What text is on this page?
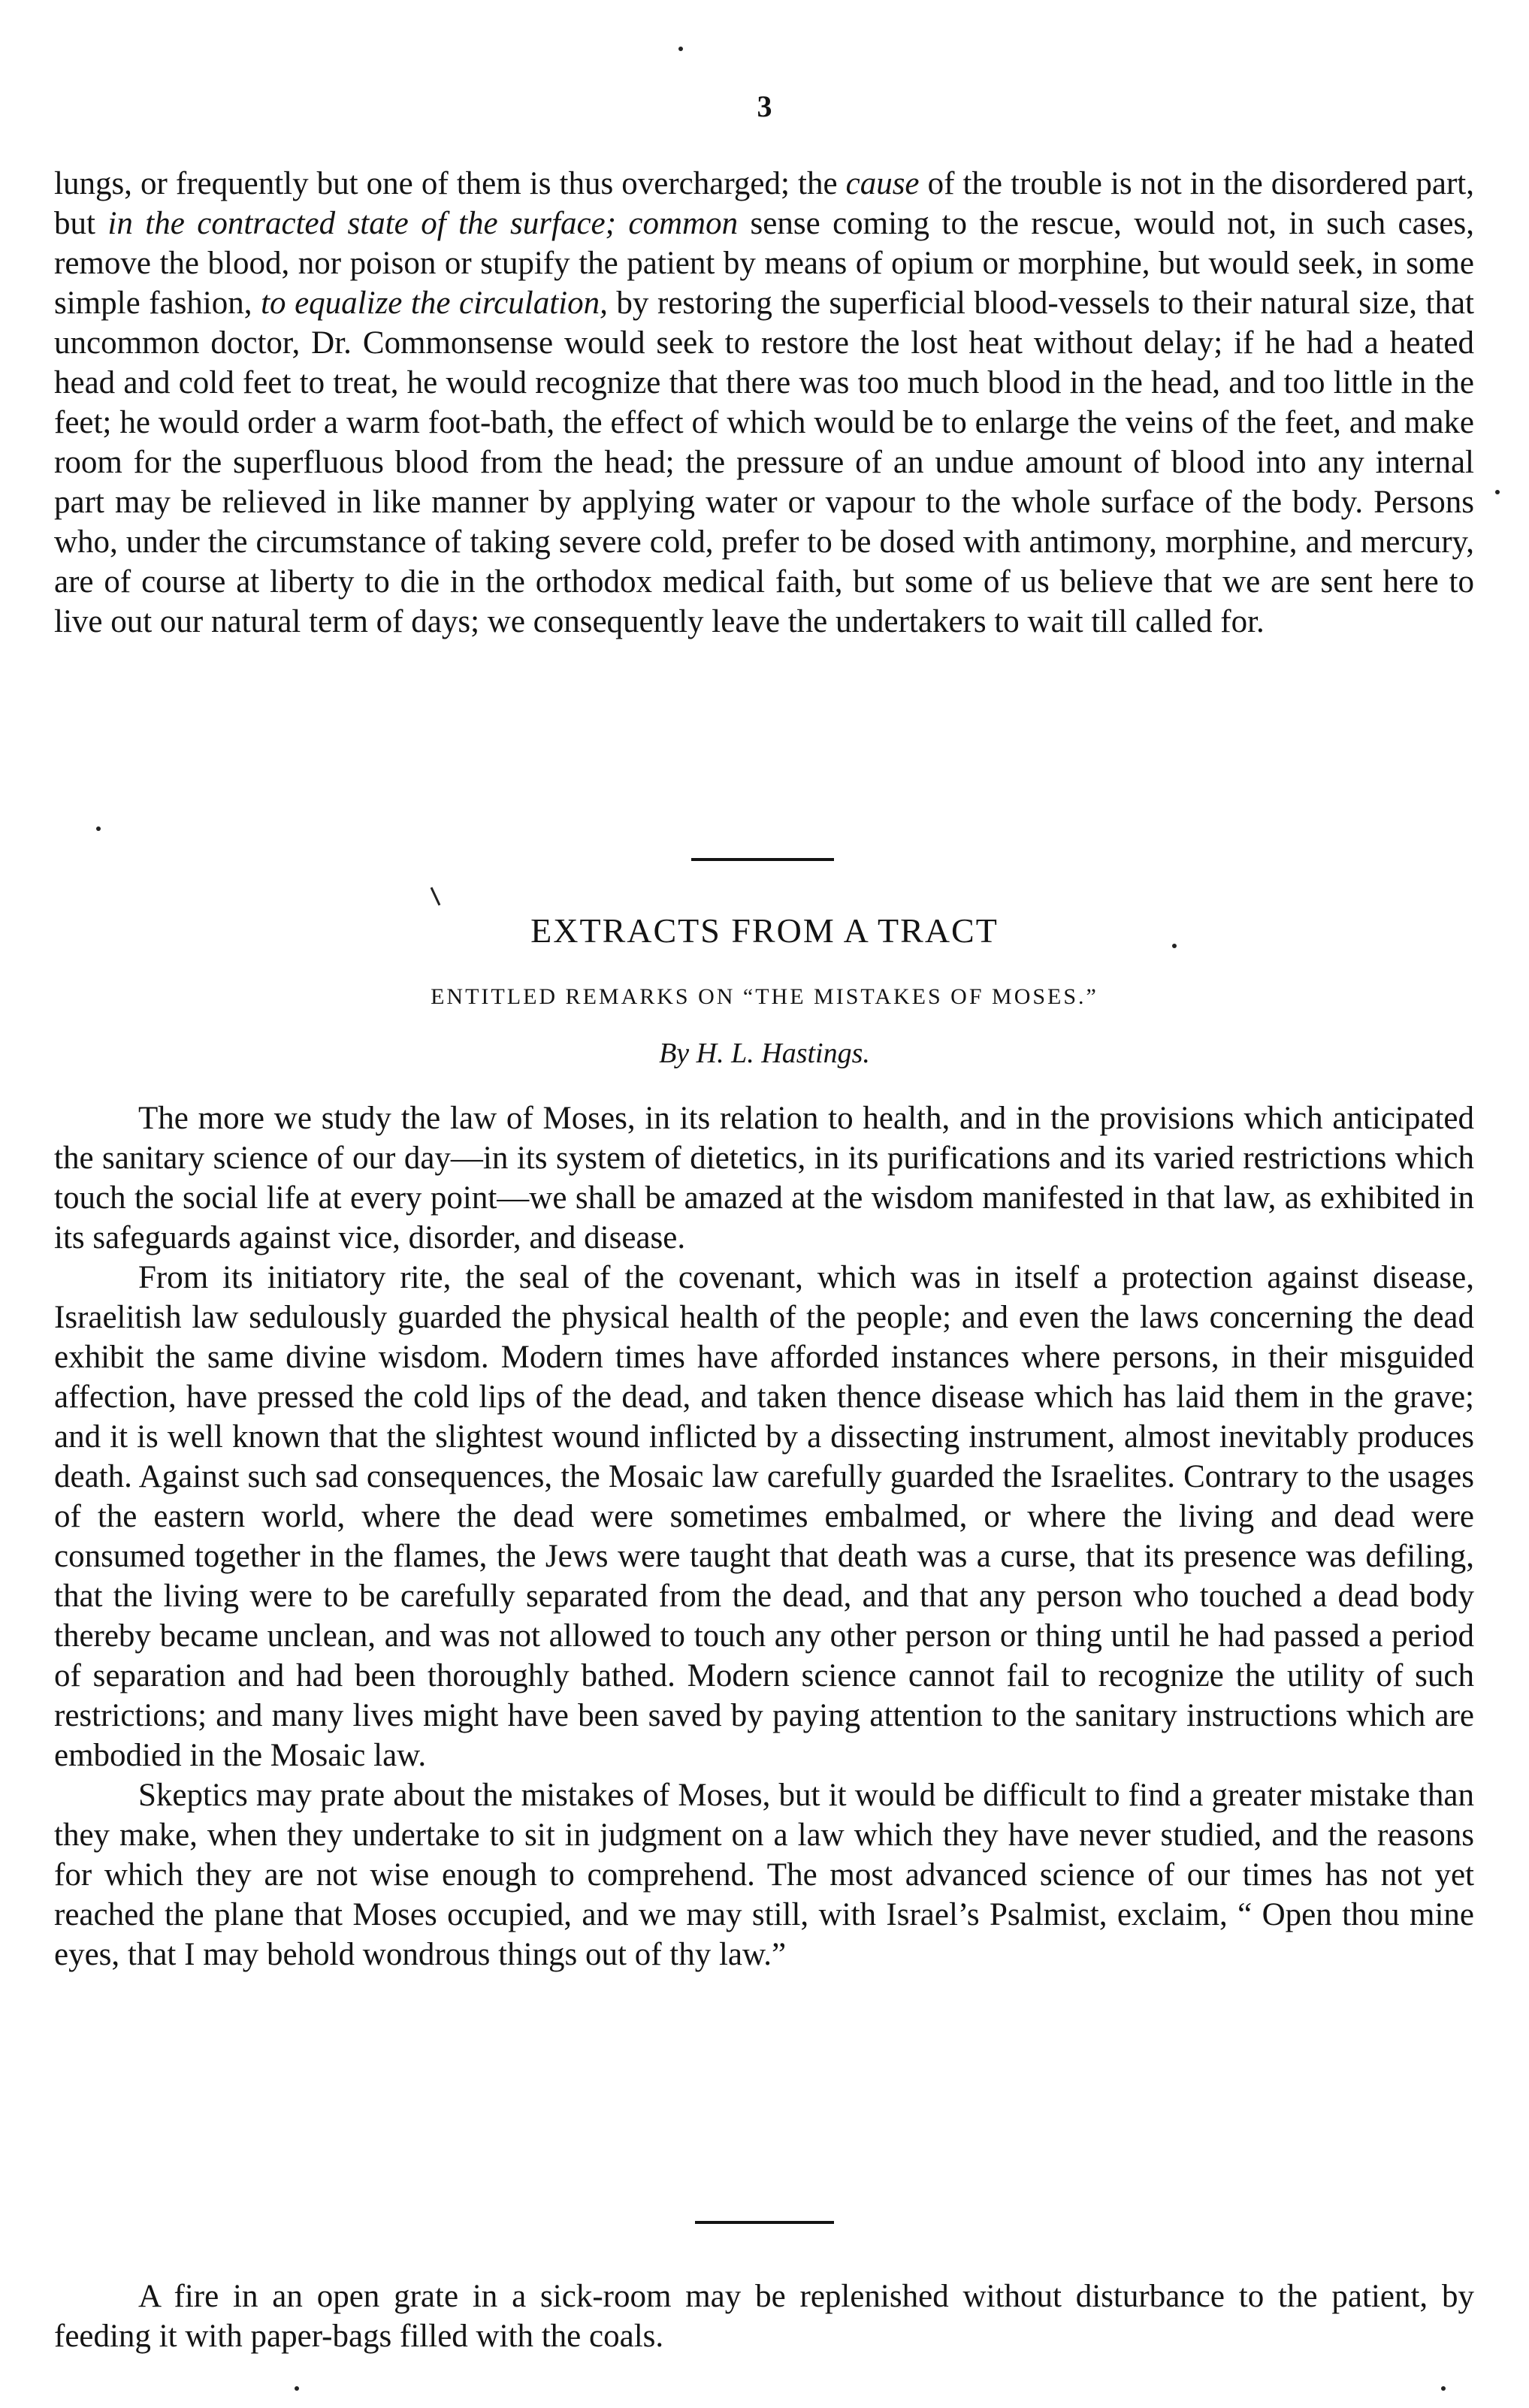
3

lungs, or frequently but one of them is thus overcharged; the cause of the trouble is not in the disordered part, but in the contracted state of the surface; common sense coming to the rescue, would not, in such cases, remove the blood, nor poison or stupify the patient by means of opium or morphine, but would seek, in some simple fashion, to equalize the circulation, by restoring the superficial blood-vessels to their natural size, that uncommon doctor, Dr. Commonsense would seek to restore the lost heat without delay; if he had a heated head and cold feet to treat, he would recognize that there was too much blood in the head, and too little in the feet; he would order a warm foot-bath, the effect of which would be to enlarge the veins of the feet, and make room for the superfluous blood from the head; the pressure of an undue amount of blood into any internal part may be relieved in like manner by applying water or vapour to the whole surface of the body. Persons who, under the circumstance of taking severe cold, prefer to be dosed with antimony, morphine, and mercury, are of course at liberty to die in the orthodox medical faith, but some of us believe that we are sent here to live out our natural term of days; we consequently leave the undertakers to wait till called for.

EXTRACTS FROM A TRACT
ENTITLED REMARKS ON “THE MISTAKES OF MOSES.”
By H. L. Hastings.

The more we study the law of Moses, in its relation to health, and in the provisions which anticipated the sanitary science of our day—in its system of dietetics, in its purifications and its varied restrictions which touch the social life at every point—we shall be amazed at the wisdom manifested in that law, as exhibited in its safeguards against vice, disorder, and disease.

From its initiatory rite, the seal of the covenant, which was in itself a protection against disease, Israelitish law sedulously guarded the physical health of the people; and even the laws concerning the dead exhibit the same divine wisdom. Modern times have afforded instances where persons, in their misguided affection, have pressed the cold lips of the dead, and taken thence disease which has laid them in the grave; and it is well known that the slightest wound inflicted by a dissecting instrument, almost inevitably produces death. Against such sad consequences, the Mosaic law carefully guarded the Israelites. Contrary to the usages of the eastern world, where the dead were sometimes embalmed, or where the living and dead were consumed together in the flames, the Jews were taught that death was a curse, that its presence was defiling, that the living were to be carefully separated from the dead, and that any person who touched a dead body thereby became unclean, and was not allowed to touch any other person or thing until he had passed a period of separation and had been thoroughly bathed. Modern science cannot fail to recognize the utility of such restrictions; and many lives might have been saved by paying attention to the sanitary instructions which are embodied in the Mosaic law.

Skeptics may prate about the mistakes of Moses, but it would be difficult to find a greater mistake than they make, when they undertake to sit in judgment on a law which they have never studied, and the reasons for which they are not wise enough to comprehend. The most advanced science of our times has not yet reached the plane that Moses occupied, and we may still, with Israel’s Psalmist, exclaim, “ Open thou mine eyes, that I may behold wondrous things out of thy law.”

A fire in an open grate in a sick-room may be replenished without disturbance to the patient, by feeding it with paper-bags filled with the coals.
